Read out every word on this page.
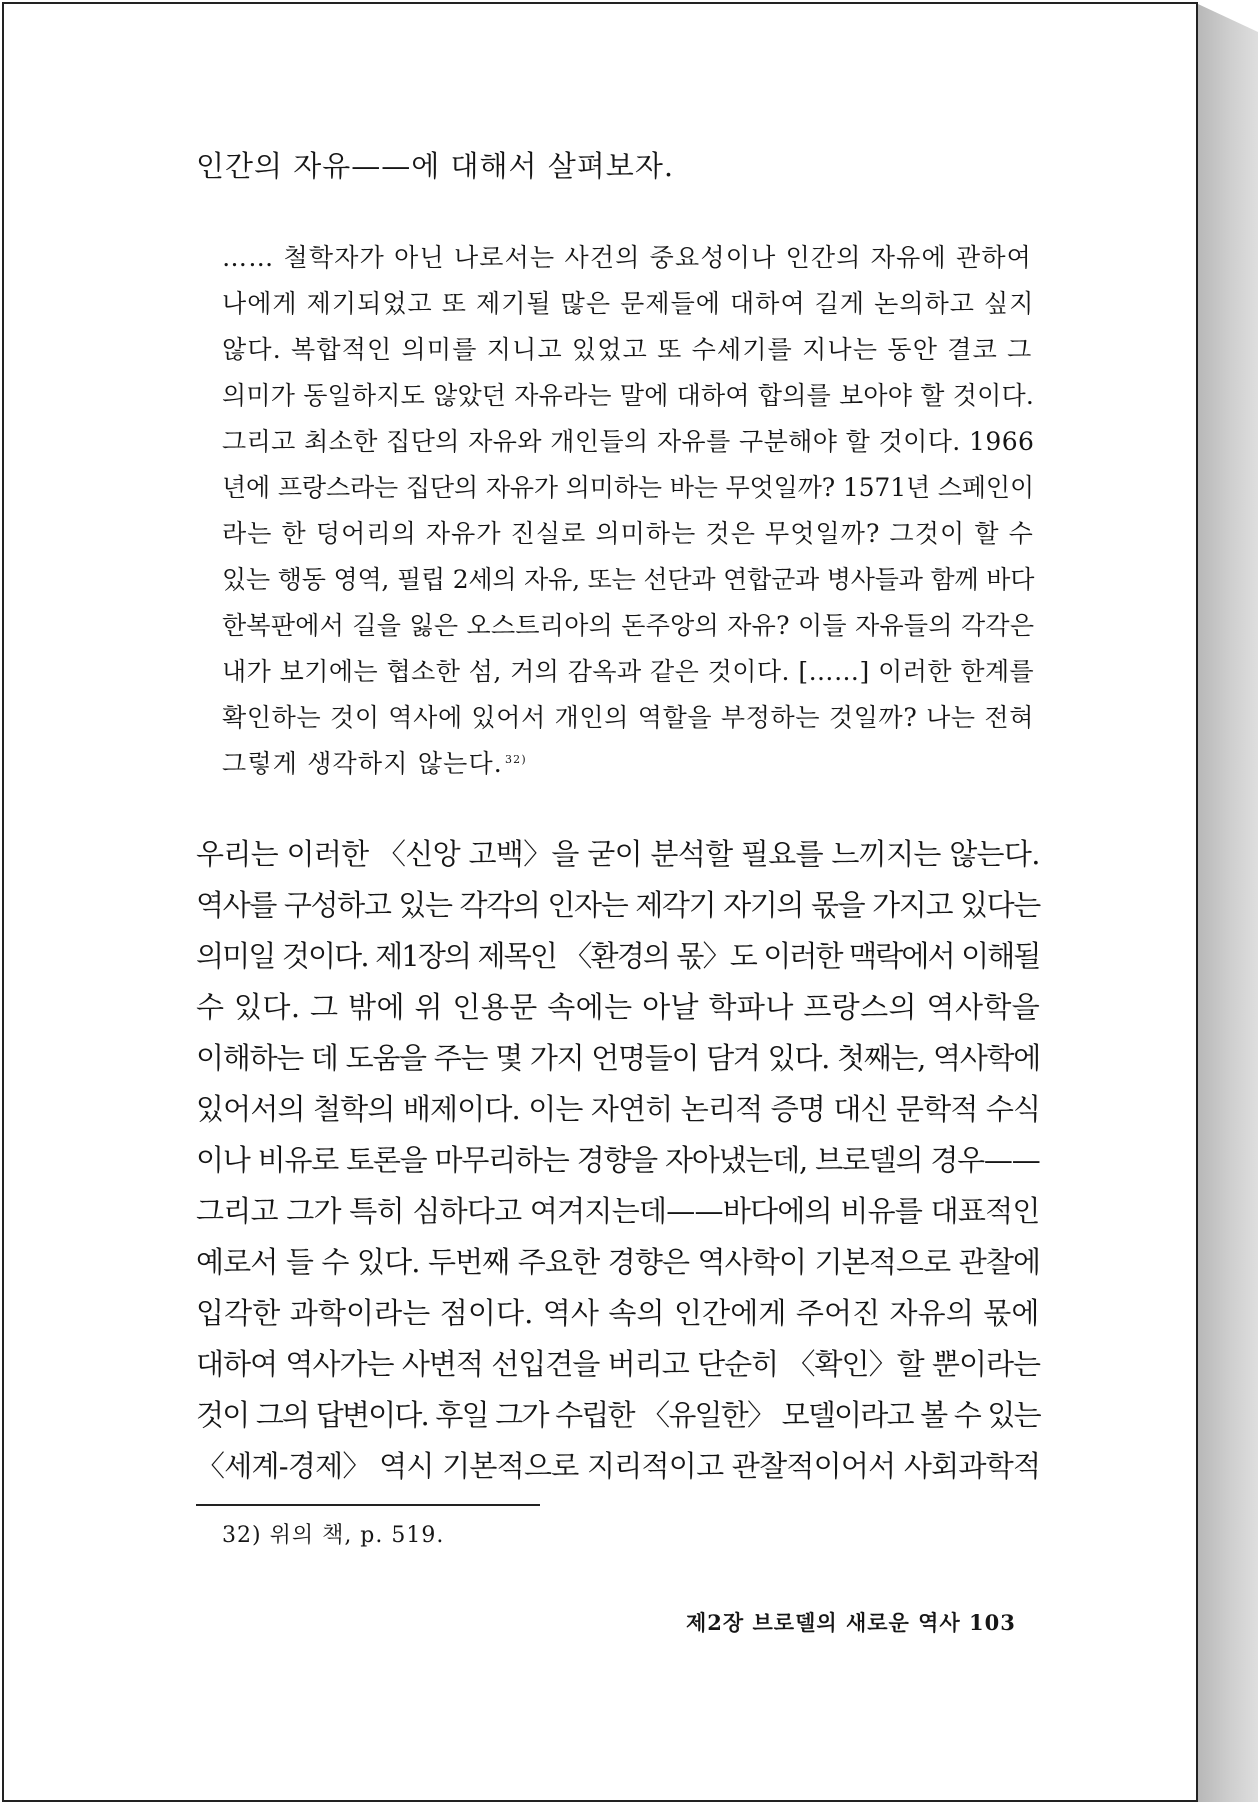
인간의 자유——에 대해서 살펴보자.
…… 철학자가 아닌 나로서는 사건의 중요성이나 인간의 자유에 관하여
나에게 제기되었고 또 제기될 많은 문제들에 대하여 길게 논의하고 싶지
않다. 복합적인 의미를 지니고 있었고 또 수세기를 지나는 동안 결코 그
의미가 동일하지도 않았던 자유라는 말에 대하여 합의를 보아야 할 것이다.
그리고 최소한 집단의 자유와 개인들의 자유를 구분해야 할 것이다. 1966
년에 프랑스라는 집단의 자유가 의미하는 바는 무엇일까? 1571년 스페인이
라는 한 덩어리의 자유가 진실로 의미하는 것은 무엇일까? 그것이 할 수
있는 행동 영역, 필립 2세의 자유, 또는 선단과 연합군과 병사들과 함께 바다
한복판에서 길을 잃은 오스트리아의 돈주앙의 자유? 이들 자유들의 각각은
내가 보기에는 협소한 섬, 거의 감옥과 같은 것이다. [……] 이러한 한계를
확인하는 것이 역사에 있어서 개인의 역할을 부정하는 것일까? 나는 전혀
그렇게 생각하지 않는다. $^{32)}$
우리는 이러한 〈신앙 고백〉을 굳이 분석할 필요를 느끼지는 않는다.
역사를 구성하고 있는 각각의 인자는 제각기 자기의 몫을 가지고 있다는
의미일 것이다. 제1장의 제목인 〈환경의 몫〉도 이러한 맥락에서 이해될
수 있다. 그 밖에 위 인용문 속에는 아날 학파나 프랑스의 역사학을
이해하는 데 도움을 주는 몇 가지 언명들이 담겨 있다. 첫째는, 역사학에
있어서의 철학의 배제이다. 이는 자연히 논리적 증명 대신 문학적 수식
이나 비유로 토론을 마무리하는 경향을 자아냈는데, 브로델의 경우——
그리고 그가 특히 심하다고 여겨지는데——바다에의 비유를 대표적인
예로서 들 수 있다. 두번째 주요한 경향은 역사학이 기본적으로 관찰에
입각한 과학이라는 점이다. 역사 속의 인간에게 주어진 자유의 몫에
대하여 역사가는 사변적 선입견을 버리고 단순히 〈확인〉할 뿐이라는
것이 그의 답변이다. 후일 그가 수립한 〈유일한〉 모델이라고 볼 수 있는
〈세계-경제〉 역시 기본적으로 지리적이고 관찰적이어서 사회과학적
32) 위의 책, p. 519.
제2장 브로델의 새로운 역사 103
